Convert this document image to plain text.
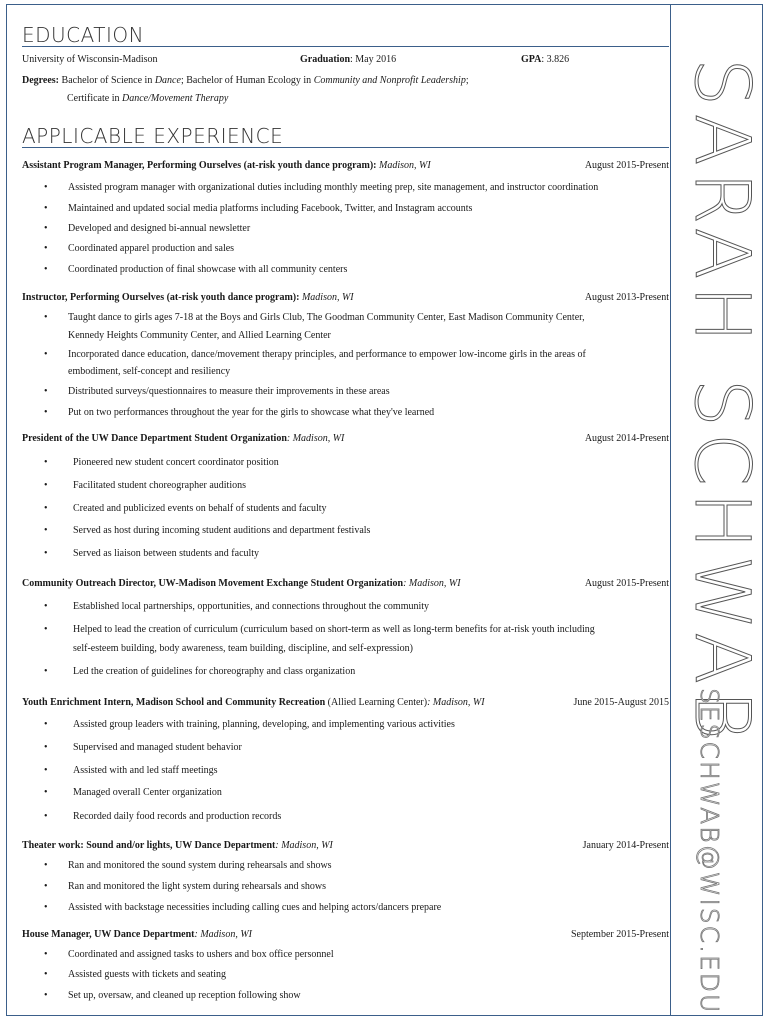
EDUCATION
University of Wisconsin-Madison	Graduation: May 2016	GPA: 3.826
Degrees: Bachelor of Science in Dance; Bachelor of Human Ecology in Community and Nonprofit Leadership;
Certificate in Dance/Movement Therapy
APPLICABLE EXPERIENCE
Assistant Program Manager, Performing Ourselves (at-risk youth dance program): Madison, WI	August 2015-Present
• Assisted program manager with organizational duties including monthly meeting prep, site management, and instructor coordination
• Maintained and updated social media platforms including Facebook, Twitter, and Instagram accounts
• Developed and designed bi-annual newsletter
• Coordinated apparel production and sales
• Coordinated production of final showcase with all community centers
Instructor, Performing Ourselves (at-risk youth dance program): Madison, WI	August 2013-Present
• Taught dance to girls ages 7-18 at the Boys and Girls Club, The Goodman Community Center, East Madison Community Center,
Kennedy Heights Community Center, and Allied Learning Center
• Incorporated dance education, dance/movement therapy principles, and performance to empower low-income girls in the areas of
embodiment, self-concept and resiliency
• Distributed surveys/questionnaires to measure their improvements in these areas
• Put on two performances throughout the year for the girls to showcase what they've learned
President of the UW Dance Department Student Organization: Madison, WI	August 2014-Present
•	Pioneered new student concert coordinator position
•	Facilitated student choreographer auditions
•	Created and publicized events on behalf of students and faculty
•	Served as host during incoming student auditions and department festivals
•	Served as liaison between students and faculty
Community Outreach Director, UW-Madison Movement Exchange Student Organization: Madison, WI	August 2015-Present
•	Established local partnerships, opportunities, and connections throughout the community
•	Helped to lead the creation of curriculum (curriculum based on short-term as well as long-term benefits for at-risk youth including
self-esteem building, body awareness, team building, discipline, and self-expression)
•	Led the creation of guidelines for choreography and class organization
Youth Enrichment Intern, Madison School and Community Recreation (Allied Learning Center): Madison, WI	June 2015-August 2015
•	Assisted group leaders with training, planning, developing, and implementing various activities
•	Supervised and managed student behavior
•	Assisted with and led staff meetings
•	Managed overall Center organization
•	Recorded daily food records and production records
Theater work: Sound and/or lights, UW Dance Department: Madison, WI	January 2014-Present
• Ran and monitored the sound system during rehearsals and shows
• Ran and monitored the light system during rehearsals and shows
• Assisted with backstage necessities including calling cues and helping actors/dancers prepare
House Manager, UW Dance Department: Madison, WI	September 2015-Present
• Coordinated and assigned tasks to ushers and box office personnel
• Assisted guests with tickets and seating
• Set up, oversaw, and cleaned up reception following show
SARAH SCHWAB
SESCHWAB@WISC.EDU
